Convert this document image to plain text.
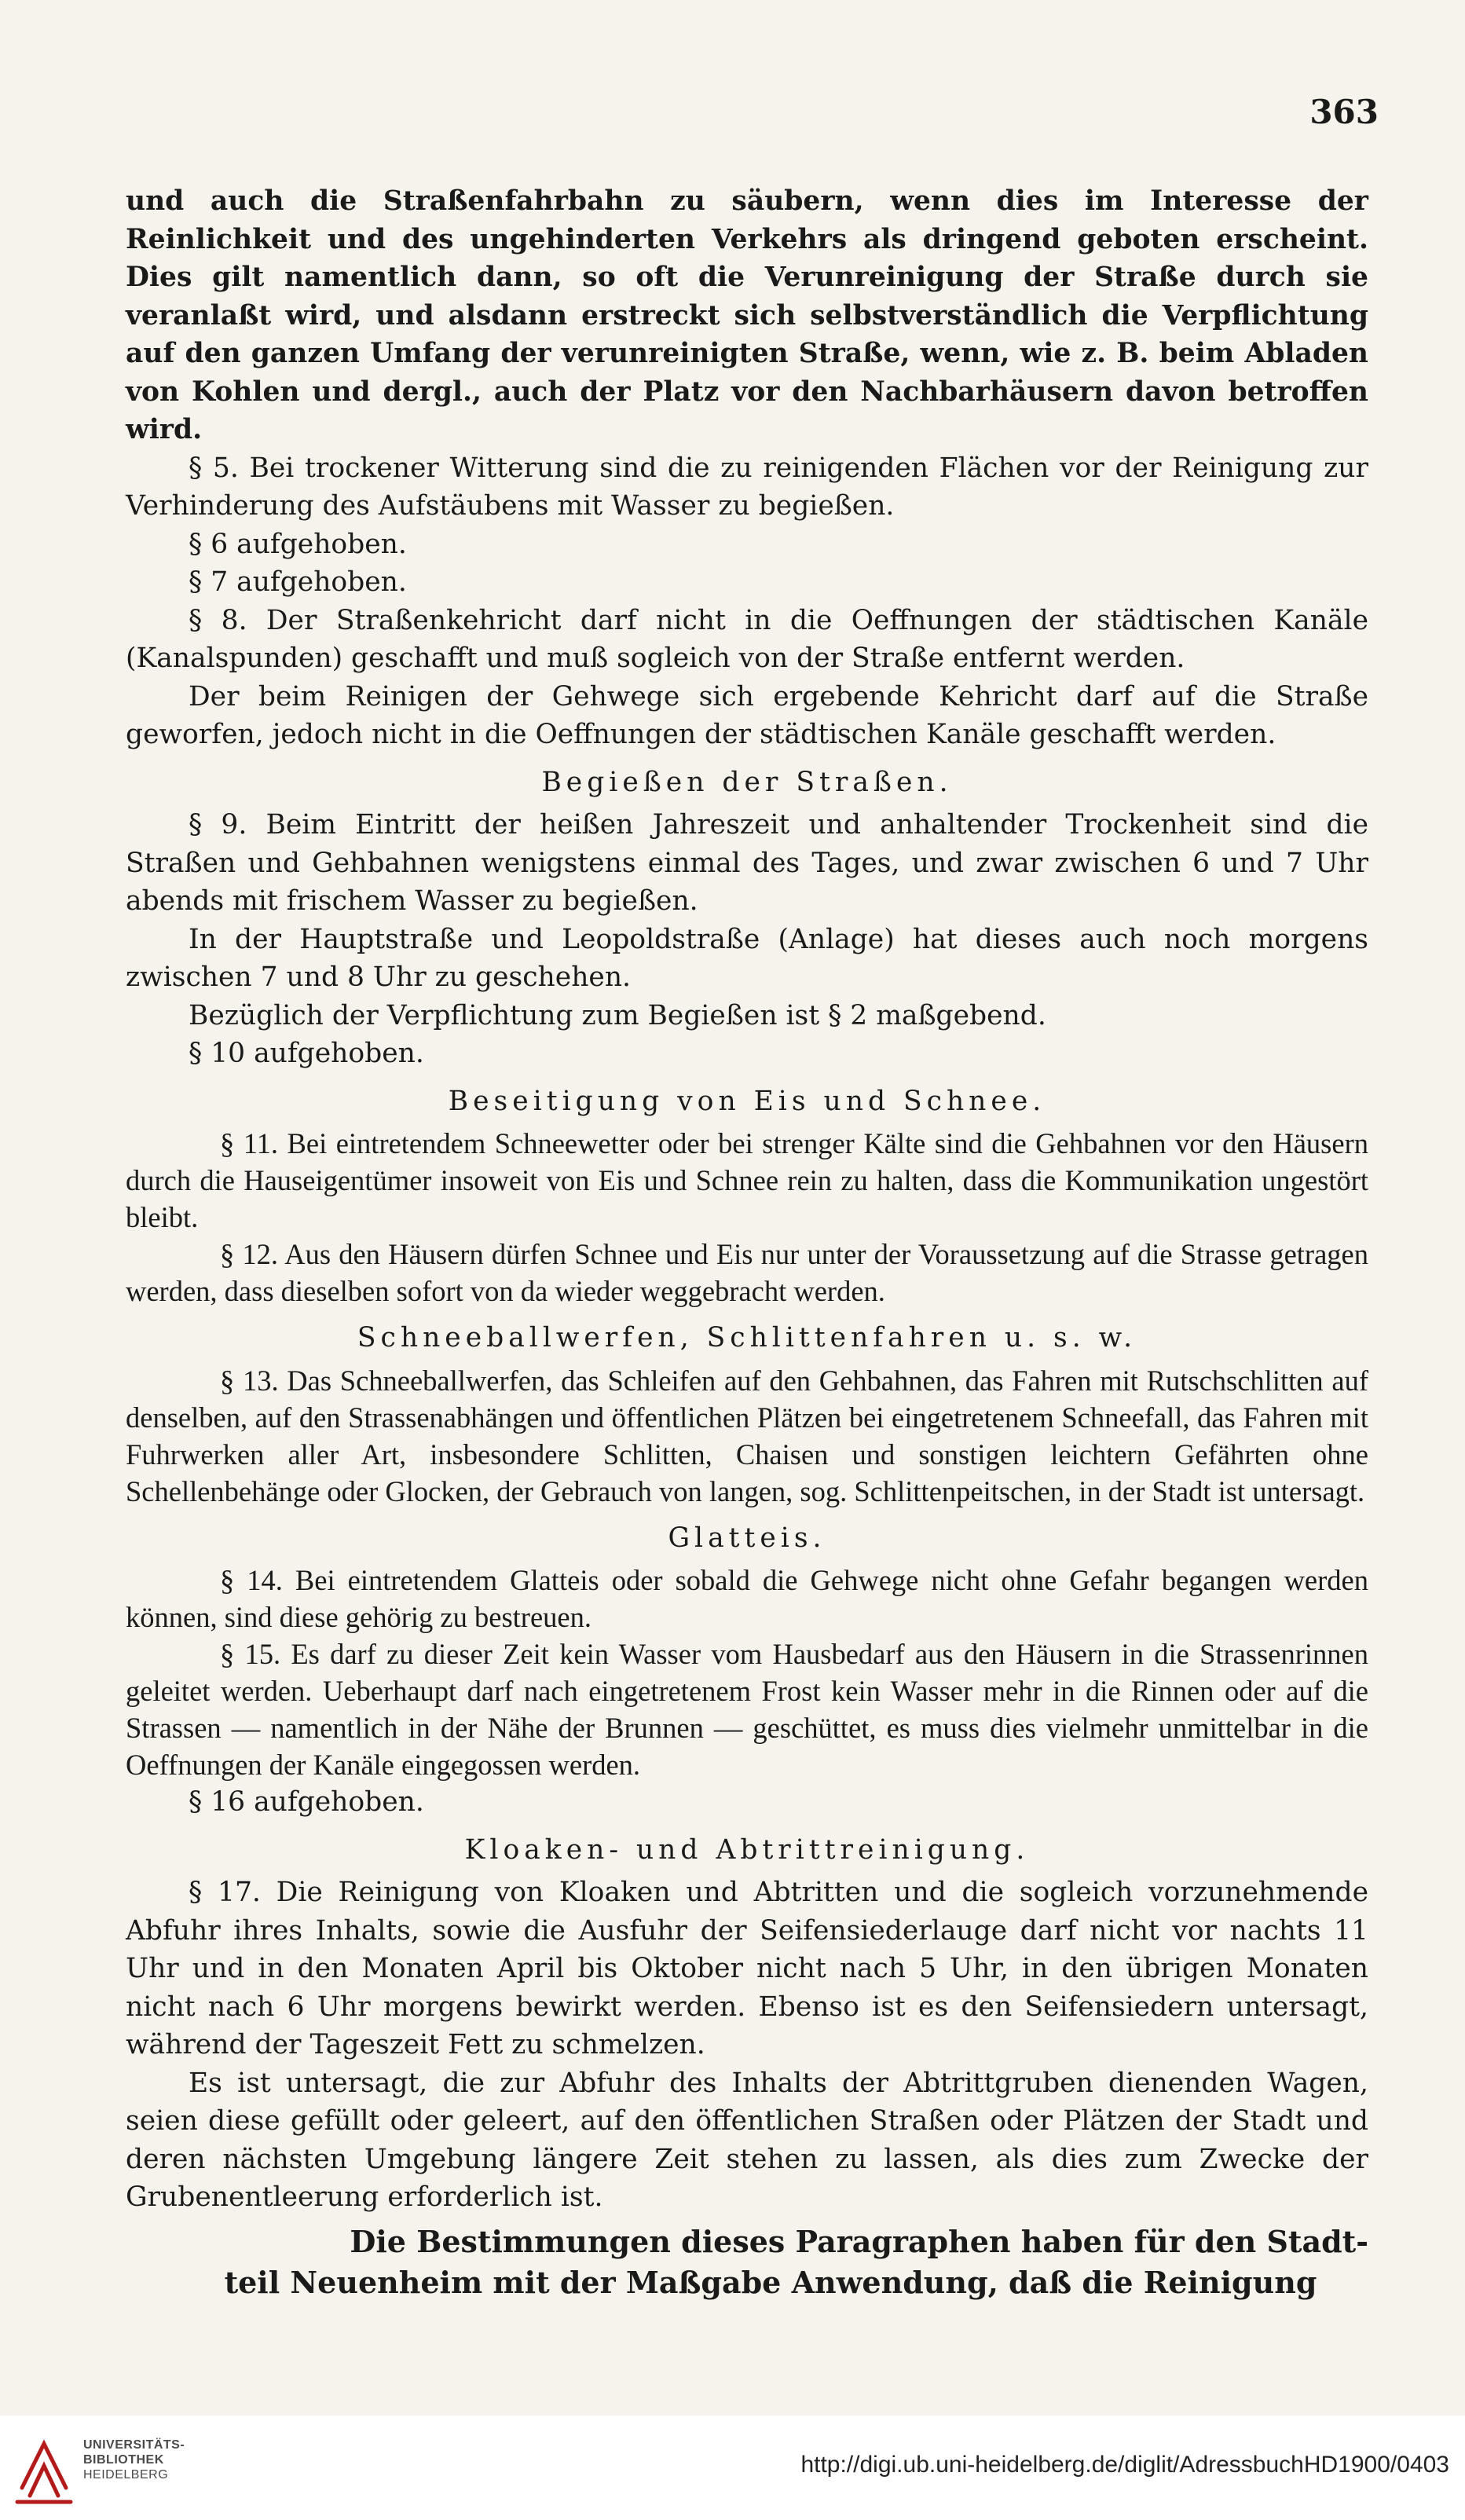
363

und auch die Straßenfahrbahn zu säubern, wenn dies im Interesse der Reinlichkeit und des ungehinderten Verkehrs als dringend geboten erscheint. Dies gilt namentlich dann, so oft die Verunreinigung der Straße durch sie veranlaßt wird, und alsdann erstreckt sich selbstverständlich die Verpflichtung auf den ganzen Umfang der verunreinigten Straße, wenn, wie z. B. beim Abladen von Kohlen und dergl., auch der Platz vor den Nachbarhäusern davon betroffen wird.

§ 5. Bei trockener Witterung sind die zu reinigenden Flächen vor der Reinigung zur Verhinderung des Aufstäubens mit Wasser zu begießen.

§ 6 aufgehoben.

§ 7 aufgehoben.

§ 8. Der Straßenkehricht darf nicht in die Oeffnungen der städtischen Kanäle (Kanalspunden) geschafft und muß sogleich von der Straße entfernt werden.

Der beim Reinigen der Gehwege sich ergebende Kehricht darf auf die Straße geworfen, jedoch nicht in die Oeffnungen der städtischen Kanäle geschafft werden.

Begießen der Straßen.

§ 9. Beim Eintritt der heißen Jahreszeit und anhaltender Trockenheit sind die Straßen und Gehbahnen wenigstens einmal des Tages, und zwar zwischen 6 und 7 Uhr abends mit frischem Wasser zu begießen.

In der Hauptstraße und Leopoldstraße (Anlage) hat dieses auch noch morgens zwischen 7 und 8 Uhr zu geschehen.

Bezüglich der Verpflichtung zum Begießen ist § 2 maßgebend.

§ 10 aufgehoben.

Beseitigung von Eis und Schnee.

§ 11. Bei eintretendem Schneewetter oder bei strenger Kälte sind die Gehbahnen vor den Häusern durch die Hauseigentümer insoweit von Eis und Schnee rein zu halten, dass die Kommunikation ungestört bleibt.

§ 12. Aus den Häusern dürfen Schnee und Eis nur unter der Voraussetzung auf die Strasse getragen werden, dass dieselben sofort von da wieder weggebracht werden.

Schneeballwerfen, Schlittenfahren u. s. w.

§ 13. Das Schneeballwerfen, das Schleifen auf den Gehbahnen, das Fahren mit Rutschschlitten auf denselben, auf den Strassenabhängen und öffentlichen Plätzen bei eingetretenem Schneefall, das Fahren mit Fuhrwerken aller Art, insbesondere Schlitten, Chaisen und sonstigen leichtern Gefährten ohne Schellenbehänge oder Glocken, der Gebrauch von langen, sog. Schlittenpeitschen, in der Stadt ist untersagt.

Glatteis.

§ 14. Bei eintretendem Glatteis oder sobald die Gehwege nicht ohne Gefahr begangen werden können, sind diese gehörig zu bestreuen.

§ 15. Es darf zu dieser Zeit kein Wasser vom Hausbedarf aus den Häusern in die Strassenrinnen geleitet werden. Ueberhaupt darf nach eingetretenem Frost kein Wasser mehr in die Rinnen oder auf die Strassen — namentlich in der Nähe der Brunnen — geschüttet, es muss dies vielmehr unmittelbar in die Oeffnungen der Kanäle eingegossen werden.

§ 16 aufgehoben.

Kloaken- und Abtrittreinigung.

§ 17. Die Reinigung von Kloaken und Abtritten und die sogleich vorzunehmende Abfuhr ihres Inhalts, sowie die Ausfuhr der Seifensiederlauge darf nicht vor nachts 11 Uhr und in den Monaten April bis Oktober nicht nach 5 Uhr, in den übrigen Monaten nicht nach 6 Uhr morgens bewirkt werden. Ebenso ist es den Seifensiedern untersagt, während der Tageszeit Fett zu schmelzen.

Es ist untersagt, die zur Abfuhr des Inhalts der Abtrittgruben dienenden Wagen, seien diese gefüllt oder geleert, auf den öffentlichen Straßen oder Plätzen der Stadt und deren nächsten Umgebung längere Zeit stehen zu lassen, als dies zum Zwecke der Grubenentleerung erforderlich ist.

Die Bestimmungen dieses Paragraphen haben für den Stadt-
teil Neuenheim mit der Maßgabe Anwendung, daß die Reinigung

UNIVERSITÄTS-
BIBLIOTHEK
HEIDELBERG	http://digi.ub.uni-heidelberg.de/diglit/AdressbuchHD1900/0403
